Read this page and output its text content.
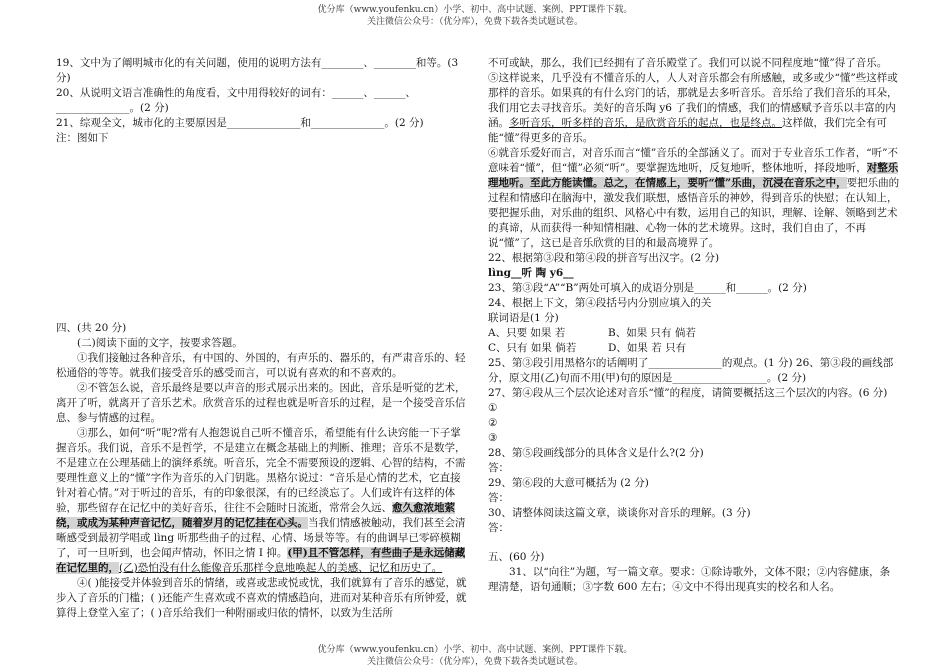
优分库（www.youfenku.cn）小学、初中、高中试题、案例、PPT课件下载。
关注微信公众号：（优分库），免费下载各类试题试卷。

19、文中为了阐明城市化的有关问题，使用的说明方法有________、________和等。(3 分)

20、从说明文语言准确性的角度看，文中用得较好的词有：______、______、______________。(2 分)

21、综观全文，城市化的主要原因是______________和______________。(2 分)

注：图如下

四、(共 20 分)

(二)阅读下面的文字，按要求答题。

①我们接触过各种音乐，有中国的、外国的，有声乐的、器乐的，有严肃音乐的、轻松通俗的等等。就我们接受音乐的感受而言，可以说有喜欢的和不喜欢的。

②不管怎么说，音乐最终是要以声音的形式展示出来的。因此，音乐是听觉的艺术，离开了听，就离开了音乐艺术。欣赏音乐的过程也就是听音乐的过程，是一个接受音乐信息、参与情感的过程。

③那么，如何“听”呢?常有人抱怨说自己听不懂音乐，希望能有什么诀窍能一下子掌握音乐。我们说，音乐不是哲学，不是建立在概念基础上的判断、推理；音乐不是数学，不是建立在公理基础上的演绎系统。听音乐，完全不需要预设的逻辑、心智的结构，不需要理性意义上的“懂”字作为音乐的入门钥匙。黑格尔说过：“音乐是心情的艺术，它直接针对着心情。”对于听过的音乐，有的印象很深，有的已经淡忘了。人们或许有这样的体验，那些留存在记忆中的美好音乐，往往不会随时日流逝，常常会久远、愈久愈浓地萦绕，或成为某种声音记忆，随着岁月的记忆挂在心头。当我们情感被触动，我们甚至会清晰感受到最初学唱或 lìng 听那些曲子的过程、心情、场景等等。有的曲调早已零碎模糊了，可一旦听到，也会闻声情动，怀旧之情 I 抑。(甲)且不管怎样，有些曲子是永远储藏在记忆里的，(乙)恐怕没有什么能像音乐那样令息地唤起人的美感、记忆和历史了。

④( )能接受并体验到音乐的情绪，或喜或悲或悦或忧，我们就算有了音乐的感觉，就步入了音乐的门槛；( )还能产生喜欢或不喜欢的情感趋向，进而对某种音乐有所钟爱，就算得上登堂入室了；( )音乐给我们一种附丽或归依的情怀，以致为生活所

不可或缺，那么，我们已经拥有了音乐殿堂了。我们可以说不同程度地“懂”得了音乐。

⑤这样说来，几乎没有不懂音乐的人，人人对音乐都会有所感触，或多或少“懂”些这样或那样的音乐。如果真的有什么窍门的话，那就是去多听音乐。音乐给了我们音乐的耳朵，我们用它去寻找音乐。美好的音乐陶 y6 了我们的情感，我们的情感赋予音乐以丰富的内涵。多听音乐，听多样的音乐，是欣赏音乐的起点，也是终点。这样做，我们完全有可能“懂”得更多的音乐。

⑥就音乐爱好而言，对音乐而言“懂”音乐的全部涵义了。而对于专业音乐工作者，“听”不意味着“懂”，但“懂”必须“听”。要掌握选地听，反复地听，整体地听，择段地听，对整乐理地听。至此方能读懂。总之，在情感上，要听“懂”乐曲，沉浸在音乐之中，要把乐曲的过程和情感印在脑海中，激发我们联想，感悟音乐的神妙，得到音乐的快慰；在认知上，要把握乐曲，对乐曲的组织、风格心中有数，运用自己的知识，理解、诠解、领略到艺术的真谛，从而获得一种知情相融、心物一体的艺术境界。这时，我们自由了，不再说“懂”了，这已是音乐欣赏的目的和最高境界了。

22、根据第③段和第④段的拼音写出汉字。(2 分)

lìng__听 陶 y6__

23、第③段“A”“B”两处可填入的成语分别是______和______。(2 分)

24、根据上下文，第④段括号内分别应填入的关

联词语是(1 分)

A、只要 如果 若	B、如果 只有 倘若

C、只有 如果 倘若	D、如果 若 只有

25、第③段引用黑格尔的话阐明了______________的观点。(1 分) 26、第③段的画线部分，原文用(乙)句而不用(甲)句的原因是__________________。(2 分)

27、第④段从三个层次论述对音乐“懂”的程度，请简要概括这三个层次的内容。(6 分)

①

②

③

28、第⑤段画线部分的具体含义是什么?(2 分)

答：

29、第⑥段的大意可概括为 (2 分)

答：

30、请整体阅读这篇文章，谈谈你对音乐的理解。(3 分)

答：

五、(60 分)

31、以“向往”为题，写一篇文章。要求：①除诗歌外，文体不限；②内容健康，条理清楚，语句通顺；③字数 600 左右；④文中不得出现真实的校名和人名。

优分库（www.youfenku.cn）小学、初中、高中试题、案例、PPT课件下载。
关注微信公众号：（优分库），免费下载各类试题试卷。
